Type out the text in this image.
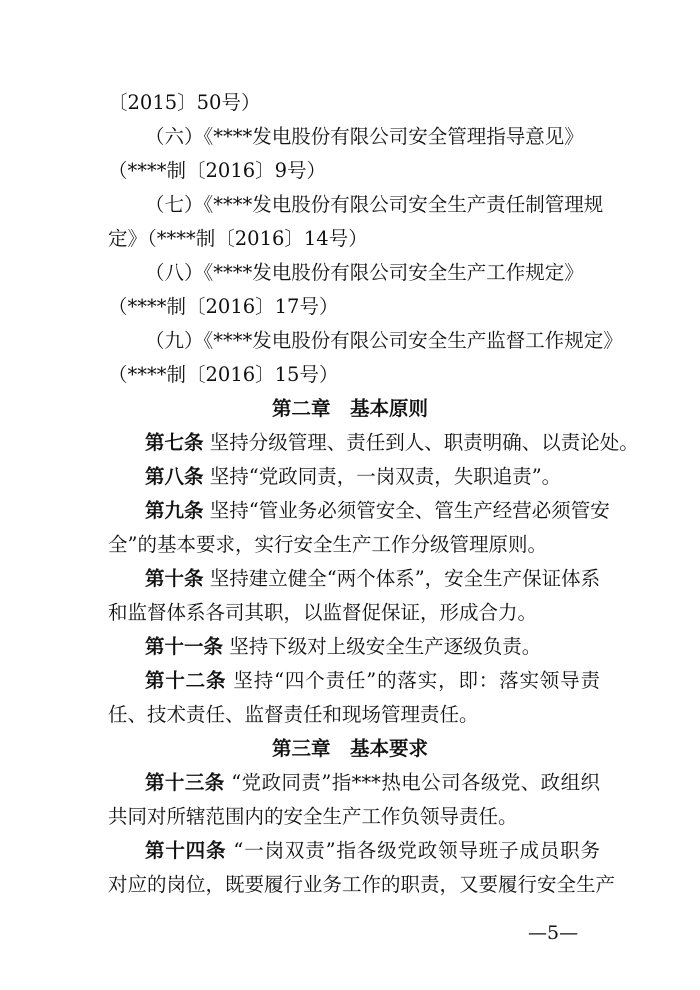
〔2015〕50号）
（六）《****发电股份有限公司安全管理指导意见》
（****制〔2016〕9号）
（七）《****发电股份有限公司安全生产责任制管理规
定》（****制〔2016〕14号）
（八）《****发电股份有限公司安全生产工作规定》
（****制〔2016〕17号）
（九）《****发电股份有限公司安全生产监督工作规定》
（****制〔2016〕15号）
第二章　基本原则
第七条 坚持分级管理、责任到人、职责明确、以责论处。
第八条 坚持“党政同责，一岗双责，失职追责”。
第九条 坚持“管业务必须管安全、管生产经营必须管安
全”的基本要求，实行安全生产工作分级管理原则。
第十条 坚持建立健全“两个体系”，安全生产保证体系
和监督体系各司其职，以监督促保证，形成合力。
第十一条 坚持下级对上级安全生产逐级负责。
第十二条 坚持“四个责任”的落实，即：落实领导责
任、技术责任、监督责任和现场管理责任。
第三章　基本要求
第十三条 “党政同责”指***热电公司各级党、政组织
共同对所辖范围内的安全生产工作负领导责任。
第十四条 “一岗双责”指各级党政领导班子成员职务
对应的岗位，既要履行业务工作的职责，又要履行安全生产
—5—
